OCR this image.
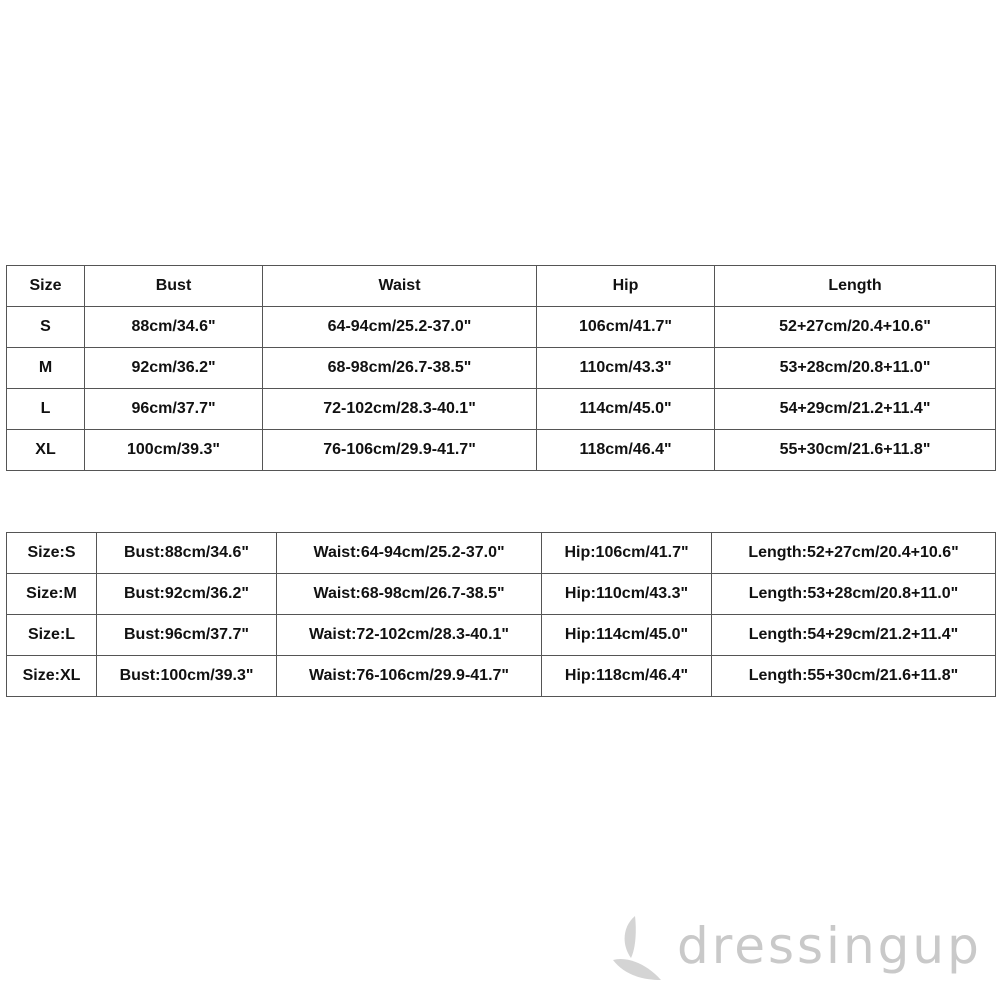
Size	Bust	Waist	Hip	Length
S	88cm/34.6"	64-94cm/25.2-37.0"	106cm/41.7"	52+27cm/20.4+10.6"
M	92cm/36.2"	68-98cm/26.7-38.5"	110cm/43.3"	53+28cm/20.8+11.0"
L	96cm/37.7"	72-102cm/28.3-40.1"	114cm/45.0"	54+29cm/21.2+11.4"
XL	100cm/39.3"	76-106cm/29.9-41.7"	118cm/46.4"	55+30cm/21.6+11.8"
Size:S	Bust:88cm/34.6"	Waist:64-94cm/25.2-37.0"	Hip:106cm/41.7"	Length:52+27cm/20.4+10.6"
Size:M	Bust:92cm/36.2"	Waist:68-98cm/26.7-38.5"	Hip:110cm/43.3"	Length:53+28cm/20.8+11.0"
Size:L	Bust:96cm/37.7"	Waist:72-102cm/28.3-40.1"	Hip:114cm/45.0"	Length:54+29cm/21.2+11.4"
Size:XL	Bust:100cm/39.3"	Waist:76-106cm/29.9-41.7"	Hip:118cm/46.4"	Length:55+30cm/21.6+11.8"
dressingup
